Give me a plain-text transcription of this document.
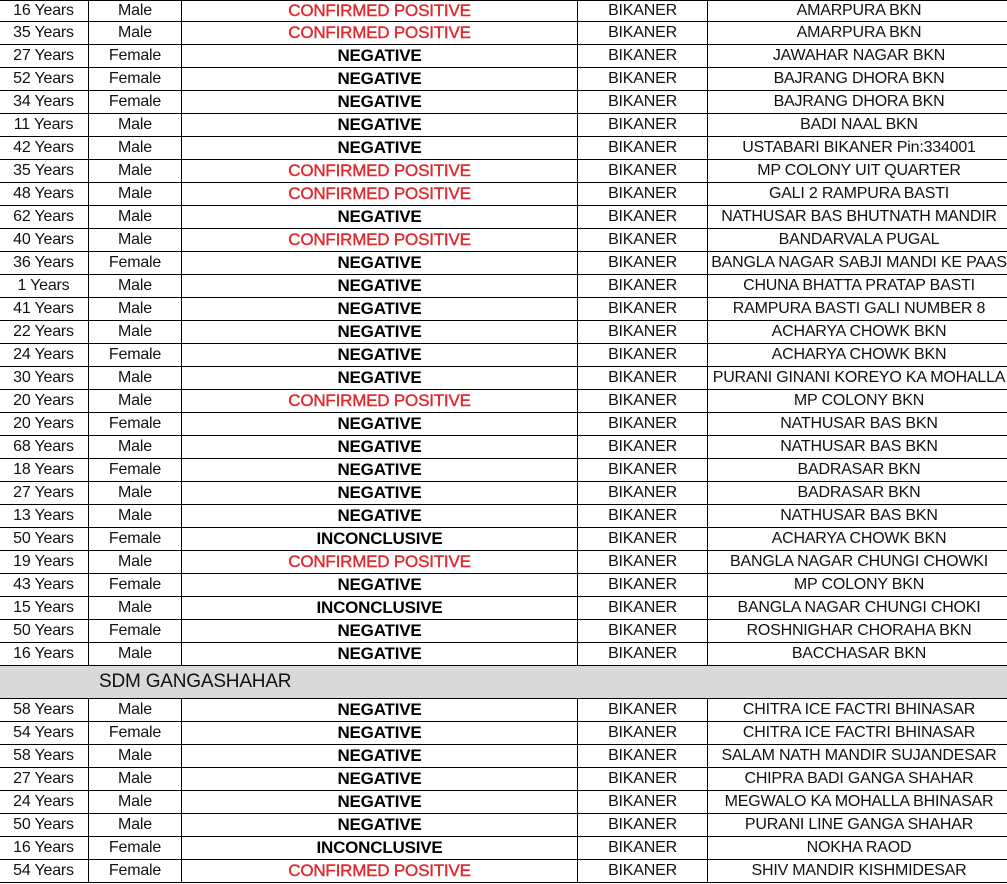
16 Years	Male	CONFIRMED POSITIVE	BIKANER	AMARPURA BKN
35 Years	Male	CONFIRMED POSITIVE	BIKANER	AMARPURA BKN
27 Years	Female	NEGATIVE	BIKANER	JAWAHAR NAGAR BKN
52 Years	Female	NEGATIVE	BIKANER	BAJRANG DHORA BKN
34 Years	Female	NEGATIVE	BIKANER	BAJRANG DHORA BKN
11 Years	Male	NEGATIVE	BIKANER	BADI NAAL BKN
42 Years	Male	NEGATIVE	BIKANER	USTABARI BIKANER Pin:334001
35 Years	Male	CONFIRMED POSITIVE	BIKANER	MP COLONY UIT QUARTER
48 Years	Male	CONFIRMED POSITIVE	BIKANER	GALI 2 RAMPURA BASTI
62 Years	Male	NEGATIVE	BIKANER	NATHUSAR BAS BHUTNATH MANDIR
40 Years	Male	CONFIRMED POSITIVE	BIKANER	BANDARVALA PUGAL
36 Years	Female	NEGATIVE	BIKANER	BANGLA NAGAR SABJI MANDI KE PAAS
1 Years	Male	NEGATIVE	BIKANER	CHUNA BHATTA PRATAP BASTI
41 Years	Male	NEGATIVE	BIKANER	RAMPURA BASTI GALI NUMBER 8
22 Years	Male	NEGATIVE	BIKANER	ACHARYA CHOWK BKN
24 Years	Female	NEGATIVE	BIKANER	ACHARYA CHOWK BKN
30 Years	Male	NEGATIVE	BIKANER	PURANI GINANI KOREYO KA MOHALLA
20 Years	Male	CONFIRMED POSITIVE	BIKANER	MP COLONY BKN
20 Years	Female	NEGATIVE	BIKANER	NATHUSAR BAS BKN
68 Years	Male	NEGATIVE	BIKANER	NATHUSAR BAS BKN
18 Years	Female	NEGATIVE	BIKANER	BADRASAR BKN
27 Years	Male	NEGATIVE	BIKANER	BADRASAR BKN
13 Years	Male	NEGATIVE	BIKANER	NATHUSAR BAS BKN
50 Years	Female	INCONCLUSIVE	BIKANER	ACHARYA CHOWK BKN
19 Years	Male	CONFIRMED POSITIVE	BIKANER	BANGLA NAGAR CHUNGI CHOWKI
43 Years	Female	NEGATIVE	BIKANER	MP COLONY BKN
15 Years	Male	INCONCLUSIVE	BIKANER	BANGLA NAGAR CHUNGI CHOKI
50 Years	Female	NEGATIVE	BIKANER	ROSHNIGHAR CHORAHA BKN
16 Years	Male	NEGATIVE	BIKANER	BACCHASAR BKN
SDM GANGASHAHAR				
58 Years	Male	NEGATIVE	BIKANER	CHITRA ICE FACTRI BHINASAR
54 Years	Female	NEGATIVE	BIKANER	CHITRA ICE FACTRI BHINASAR
58 Years	Male	NEGATIVE	BIKANER	SALAM NATH MANDIR SUJANDESAR
27 Years	Male	NEGATIVE	BIKANER	CHIPRA BADI GANGA SHAHAR
24 Years	Male	NEGATIVE	BIKANER	MEGWALO KA MOHALLA BHINASAR
50 Years	Male	NEGATIVE	BIKANER	PURANI LINE GANGA SHAHAR
16 Years	Female	INCONCLUSIVE	BIKANER	NOKHA RAOD
54 Years	Female	CONFIRMED POSITIVE	BIKANER	SHIV MANDIR KISHMIDESAR
